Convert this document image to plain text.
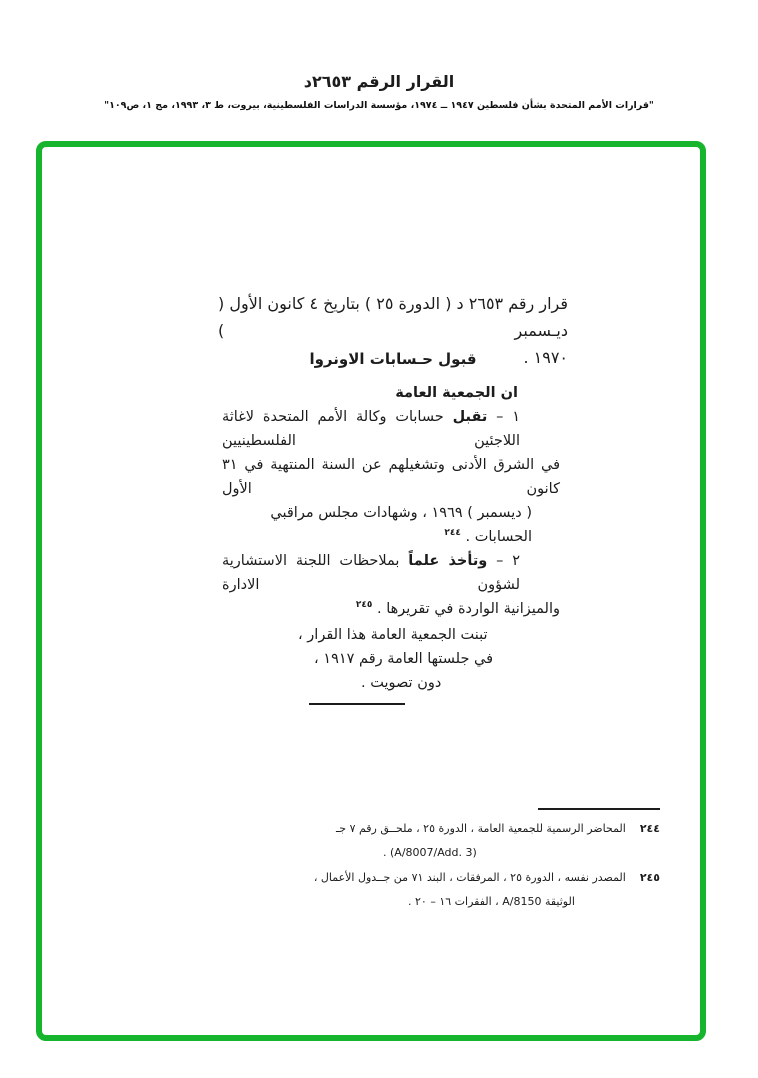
القرار الرقم ٢٦٥٣د
"قرارات الأمم المتحدة بشأن فلسطين ١٩٤٧ ــ ١٩٧٤، مؤسسة الدراسات الفلسطينية، بيروت، ط ٣، ١٩٩٣، مج ١، ص١٠٩"
قرار رقم ٢٦٥٣ د ( الدورة ٢٥ ) بتاريخ ٤ كانون الأول ( ديـسمبر )
١٩٧٠ .
قبول حـسابات الاونروا
ان الجمعية العامة
١ – تقبل حسابات وكالة الأمم المتحدة لاغاثة اللاجئين الفلسطينيين
في الشرق الأدنى وتشغيلهم عن السنة المنتهية في ٣١ كانون الأول
( ديسمبر ) ١٩٦٩ ، وشهادات مجلس مراقبي الحسابات . $^{٢٤٤}$
٢ – وتأخذ علماً بملاحظات اللجنة الاستشارية لشؤون الادارة
والميزانية الواردة في تقريرها . $^{٢٤٥}$
تبنت الجمعية العامة هذا القرار ،
في جلستها العامة رقم ١٩١٧ ،
دون تصويت .
٢٤٤المحاضر الرسمية للجمعية العامة ، الدورة ٢٥ ، ملحــق رقم ٧ جـ
(A/8007/Add. 3) .
٢٤٥المصدر نفسه ، الدورة ٢٥ ، المرفقات ، البند ٧١ من جــدول الأعمال ،
الوثيقة A/8150 ، الفقرات ١٦ – ٢٠ .
